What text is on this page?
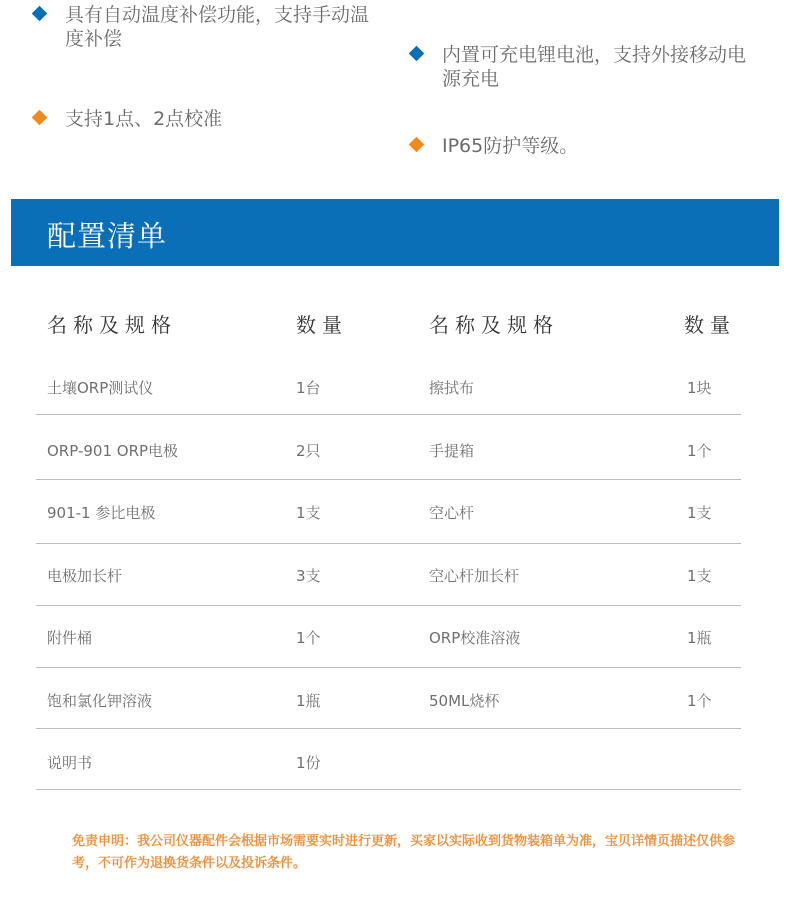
具有自动温度补偿功能，支持手动温度补偿
支持1点、2点校准
内置可充电锂电池，支持外接移动电源充电
IP65防护等级。
配置清单
名称及规格	数量	名称及规格	数量
土壤ORP测试仪	1台	擦拭布	1块
ORP-901 ORP电极	2只	手提箱	1个
901-1 参比电极	1支	空心杆	1支
电极加长杆	3支	空心杆加长杆	1支
附件桶	1个	ORP校准溶液	1瓶
饱和氯化钾溶液	1瓶	50ML烧杯	1个
说明书	1份
免责申明：我公司仪器配件会根据市场需要实时进行更新，买家以实际收到货物装箱单为准，宝贝详情页描述仅供参考，不可作为退换货条件以及投诉条件。
